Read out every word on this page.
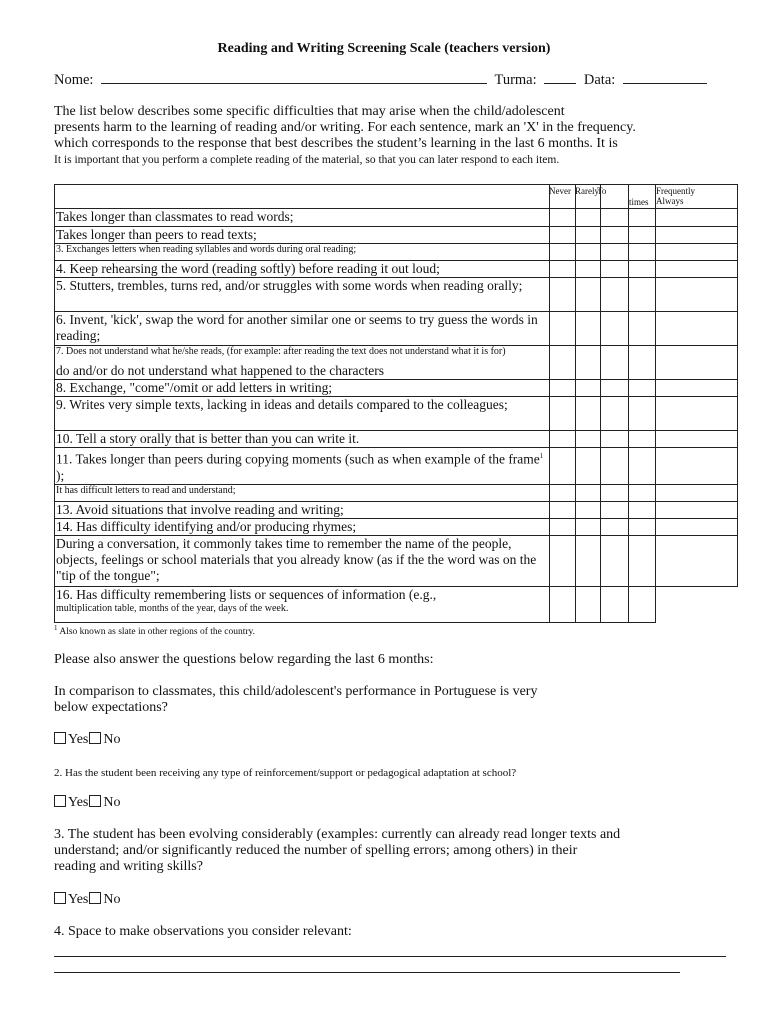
Reading and Writing Screening Scale (teachers version)
Nome:	Turma:	Data:
The list below describes some specific difficulties that may arise when the child/adolescent
presents harm to the learning of reading and/or writing. For each sentence, mark an 'X' in the frequency.
which corresponds to the response that best describes the student’s learning in the last 6 months. It is
It is important that you perform a complete reading of the material, so that you can later respond to each item.

	Never	Rarely	To	times	Frequently
Always

Takes longer than classmates to read words;					
Takes longer than peers to read texts;					
3. Exchanges letters when reading syllables and words during oral reading;					
4. Keep rehearsing the word (reading softly) before reading it out loud;					
5. Stutters, trembles, turns red, and/or struggles with some words when reading orally;					
6. Invent, 'kick', swap the word for another similar one or seems to try guess the words in reading;					

7. Does not understand what he/she reads, (for example: after reading the text does not understand what it is for)
do and/or do not understand what happened to the characters					

8. Exchange, "come"/omit or add letters in writing;					
9. Writes very simple texts, lacking in ideas and details compared to the colleagues;					
10. Tell a story orally that is better than you can write it.					
11. Takes longer than peers during copying moments (such as when example of the frame$^1$ );					
It has difficult letters to read and understand;					
13. Avoid situations that involve reading and writing;					
14. Has difficulty identifying and/or producing rhymes;					
During a conversation, it commonly takes time to remember the name of the people, objects, feelings or school materials that you already know (as if the the word was on the "tip of the tongue";					

16. Has difficulty remembering lists or sequences of information (e.g.,
multiplication table, months of the year, days of the week.					

$^1$ Also known as slate in other regions of the country.
Please also answer the questions below regarding the last 6 months:
In comparison to classmates, this child/adolescent's performance in Portuguese is very
below expectations?
Yes No
2. Has the student been receiving any type of reinforcement/support or pedagogical adaptation at school?
Yes No
3. The student has been evolving considerably (examples: currently can already read longer texts and
understand; and/or significantly reduced the number of spelling errors; among others) in their
reading and writing skills?
Yes No
4. Space to make observations you consider relevant:
